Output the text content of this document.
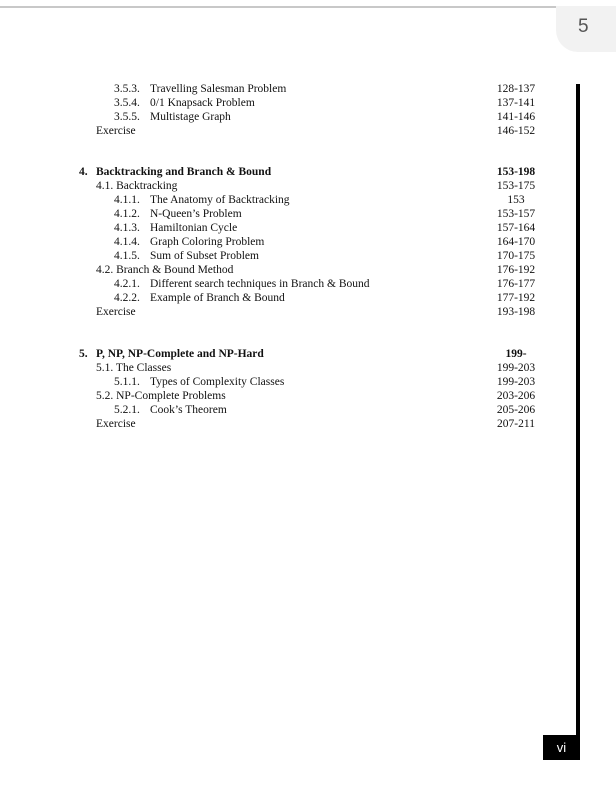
5
3.5.3. Travelling Salesman Problem	128-137
3.5.4. 0/1 Knapsack Problem	137-141
3.5.5. Multistage Graph	141-146
Exercise	146-152
4. Backtracking and Branch & Bound	153-198
4.1. Backtracking	153-175
4.1.1. The Anatomy of Backtracking	153
4.1.2. N-Queen’s Problem	153-157
4.1.3. Hamiltonian Cycle	157-164
4.1.4. Graph Coloring Problem	164-170
4.1.5. Sum of Subset Problem	170-175
4.2. Branch & Bound Method	176-192
4.2.1. Different search techniques in Branch & Bound	176-177
4.2.2. Example of Branch & Bound	177-192
Exercise	193-198
5. P, NP, NP-Complete and NP-Hard	199-
5.1. The Classes	199-203
5.1.1. Types of Complexity Classes	199-203
5.2. NP-Complete Problems	203-206
5.2.1. Cook’s Theorem	205-206
Exercise	207-211
vi
